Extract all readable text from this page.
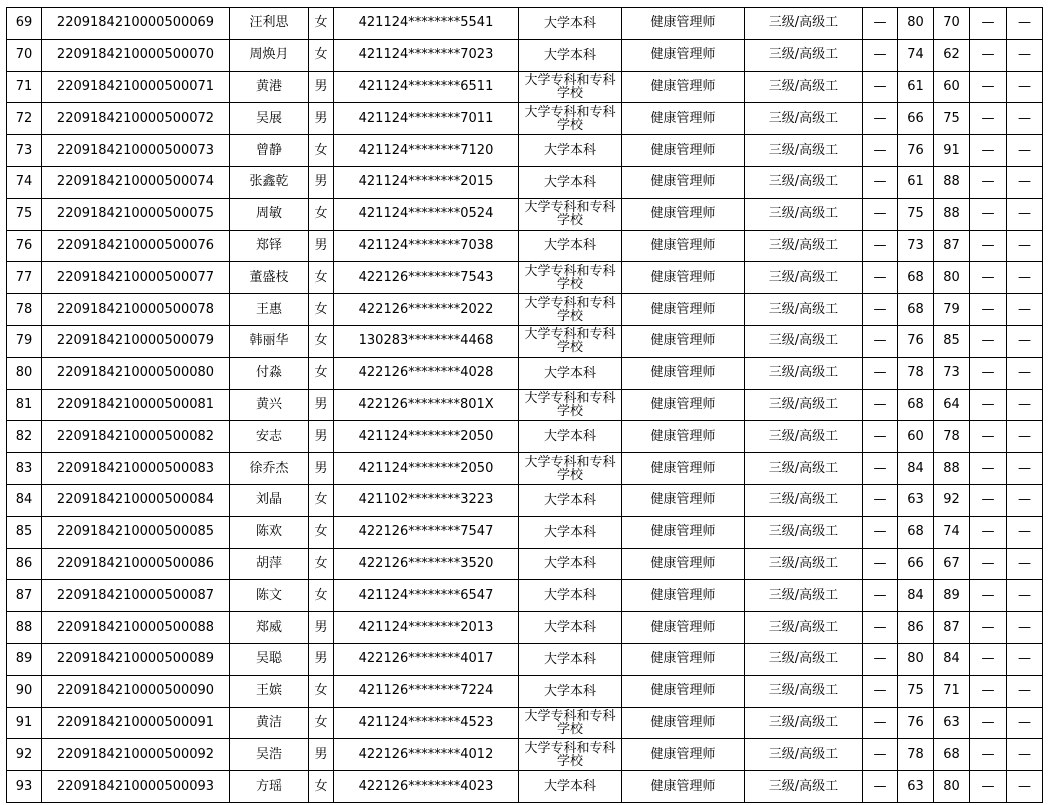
69	2209184210000500069	汪利思	女	421124********5541	大学本科	健康管理师	三级/高级工	—	80	70	—	—
70	2209184210000500070	周焕月	女	421124********7023	大学本科	健康管理师	三级/高级工	—	74	62	—	—
71	2209184210000500071	黄港	男	421124********6511	大学专科和专科学校	健康管理师	三级/高级工	—	61	60	—	—
72	2209184210000500072	吴展	男	421124********7011	大学专科和专科学校	健康管理师	三级/高级工	—	66	75	—	—
73	2209184210000500073	曾静	女	421124********7120	大学本科	健康管理师	三级/高级工	—	76	91	—	—
74	2209184210000500074	张鑫乾	男	421124********2015	大学本科	健康管理师	三级/高级工	—	61	88	—	—
75	2209184210000500075	周敏	女	421124********0524	大学专科和专科学校	健康管理师	三级/高级工	—	75	88	—	—
76	2209184210000500076	郑铎	男	421124********7038	大学本科	健康管理师	三级/高级工	—	73	87	—	—
77	2209184210000500077	董盛枝	女	422126********7543	大学专科和专科学校	健康管理师	三级/高级工	—	68	80	—	—
78	2209184210000500078	王惠	女	422126********2022	大学专科和专科学校	健康管理师	三级/高级工	—	68	79	—	—
79	2209184210000500079	韩丽华	女	130283********4468	大学专科和专科学校	健康管理师	三级/高级工	—	76	85	—	—
80	2209184210000500080	付淼	女	422126********4028	大学本科	健康管理师	三级/高级工	—	78	73	—	—
81	2209184210000500081	黄兴	男	422126********801X	大学专科和专科学校	健康管理师	三级/高级工	—	68	64	—	—
82	2209184210000500082	安志	男	421124********2050	大学本科	健康管理师	三级/高级工	—	60	78	—	—
83	2209184210000500083	徐乔杰	男	421124********2050	大学专科和专科学校	健康管理师	三级/高级工	—	84	88	—	—
84	2209184210000500084	刘晶	女	421102********3223	大学本科	健康管理师	三级/高级工	—	63	92	—	—
85	2209184210000500085	陈欢	女	422126********7547	大学本科	健康管理师	三级/高级工	—	68	74	—	—
86	2209184210000500086	胡萍	女	422126********3520	大学本科	健康管理师	三级/高级工	—	66	67	—	—
87	2209184210000500087	陈文	女	421124********6547	大学本科	健康管理师	三级/高级工	—	84	89	—	—
88	2209184210000500088	郑威	男	421124********2013	大学本科	健康管理师	三级/高级工	—	86	87	—	—
89	2209184210000500089	吴聪	男	422126********4017	大学本科	健康管理师	三级/高级工	—	80	84	—	—
90	2209184210000500090	王嫔	女	421126********7224	大学本科	健康管理师	三级/高级工	—	75	71	—	—
91	2209184210000500091	黄洁	女	421124********4523	大学专科和专科学校	健康管理师	三级/高级工	—	76	63	—	—
92	2209184210000500092	吴浩	男	422126********4012	大学专科和专科学校	健康管理师	三级/高级工	—	78	68	—	—
93	2209184210000500093	方瑶	女	422126********4023	大学本科	健康管理师	三级/高级工	—	63	80	—	—
